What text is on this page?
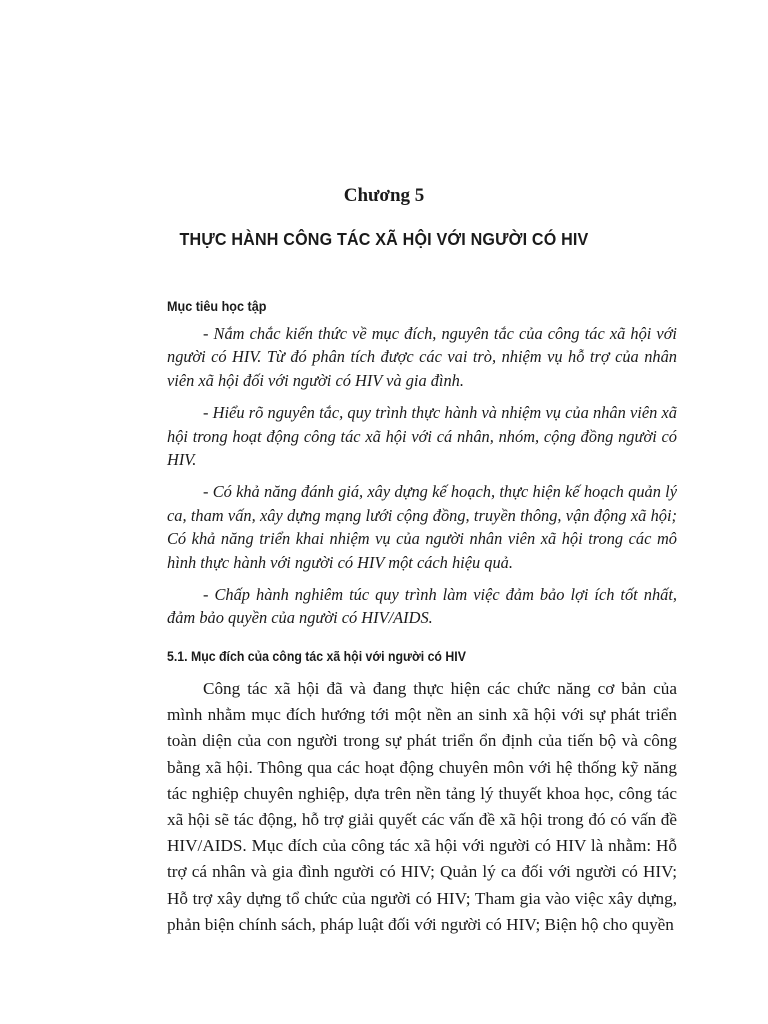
Chương 5
THỰC HÀNH CÔNG TÁC XÃ HỘI VỚI NGƯỜI CÓ HIV
Mục tiêu học tập

- Nắm chắc kiến thức về mục đích, nguyên tắc của công tác xã hội với người có HIV. Từ đó phân tích được các vai trò, nhiệm vụ hỗ trợ của nhân viên xã hội đối với người có HIV và gia đình.

- Hiểu rõ nguyên tắc, quy trình thực hành và nhiệm vụ của nhân viên xã hội trong hoạt động công tác xã hội với cá nhân, nhóm, cộng đồng người có HIV.

- Có khả năng đánh giá, xây dựng kế hoạch, thực hiện kế hoạch quản lý ca, tham vấn, xây dựng mạng lưới cộng đồng, truyền thông, vận động xã hội; Có khả năng triển khai nhiệm vụ của người nhân viên xã hội trong các mô hình thực hành với người có HIV một cách hiệu quả.

- Chấp hành nghiêm túc quy trình làm việc đảm bảo lợi ích tốt nhất, đảm bảo quyền của người có HIV/AIDS.

5.1. Mục đích của công tác xã hội với người có HIV

Công tác xã hội đã và đang thực hiện các chức năng cơ bản của mình nhằm mục đích hướng tới một nền an sinh xã hội với sự phát triển toàn diện của con người trong sự phát triển ổn định của tiến bộ và công bằng xã hội. Thông qua các hoạt động chuyên môn với hệ thống kỹ năng tác nghiệp chuyên nghiệp, dựa trên nền tảng lý thuyết khoa học, công tác xã hội sẽ tác động, hỗ trợ giải quyết các vấn đề xã hội trong đó có vấn đề HIV/AIDS. Mục đích của công tác xã hội với người có HIV là nhằm: Hỗ trợ cá nhân và gia đình người có HIV; Quản lý ca đối với người có HIV; Hỗ trợ xây dựng tổ chức của người có HIV; Tham gia vào việc xây dựng, phản biện chính sách, pháp luật đối với người có HIV; Biện hộ cho quyền
